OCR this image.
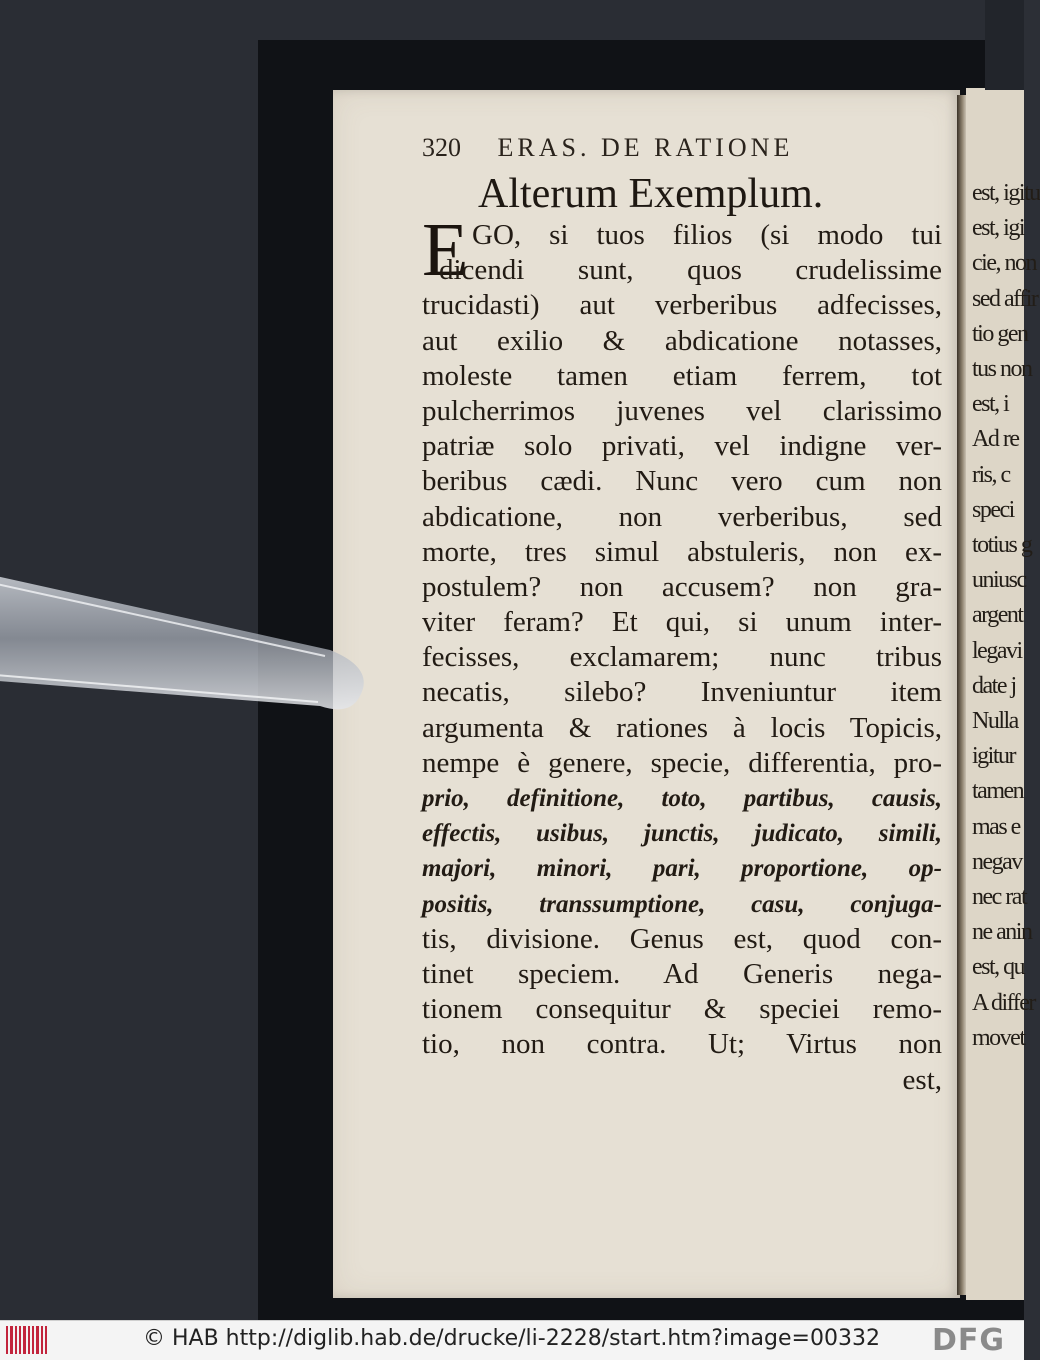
est, igitu
est, igi
cie, non
sed affir
tio gen
tus non
est, i
Ad re
ris, c
speci
totius g
uniusc
argent
legavi
date j
Nulla
igitur
tamen
mas e
negav
nec rat
ne anin
est, qu
A differ
movet
320 ERAS. DE RATIONE
Alterum Exemplum.
E GO, si tuos filios (si modo tui
dicendi sunt, quos crudelissime
trucidasti) aut verberibus adfecisses,
aut exilio & abdicatione notasses,
moleste tamen etiam ferrem, tot
pulcherrimos juvenes vel clarissimo
patriæ solo privati, vel indigne ver-
beribus cædi. Nunc vero cum non
abdicatione, non verberibus, sed
morte, tres simul abstuleris, non ex-
postulem? non accusem? non gra-
viter feram? Et qui, si unum inter-
fecisses, exclamarem; nunc tribus
necatis, silebo? Inveniuntur item
argumenta & rationes à locis Topicis,
nempe è genere, specie, differentia, pro-
prio, definitione, toto, partibus, causis,
effectis, usibus, junctis, judicato, simili,
majori, minori, pari, proportione, op-
positis, transsumptione, casu, conjuga-
tis, divisione. Genus est, quod con-
tinet speciem. Ad Generis nega-
tionem consequitur & speciei remo-
tio, non contra. Ut; Virtus non
est,
© HAB http://diglib.hab.de/drucke/li-2228/start.htm?image=00332 DFG
